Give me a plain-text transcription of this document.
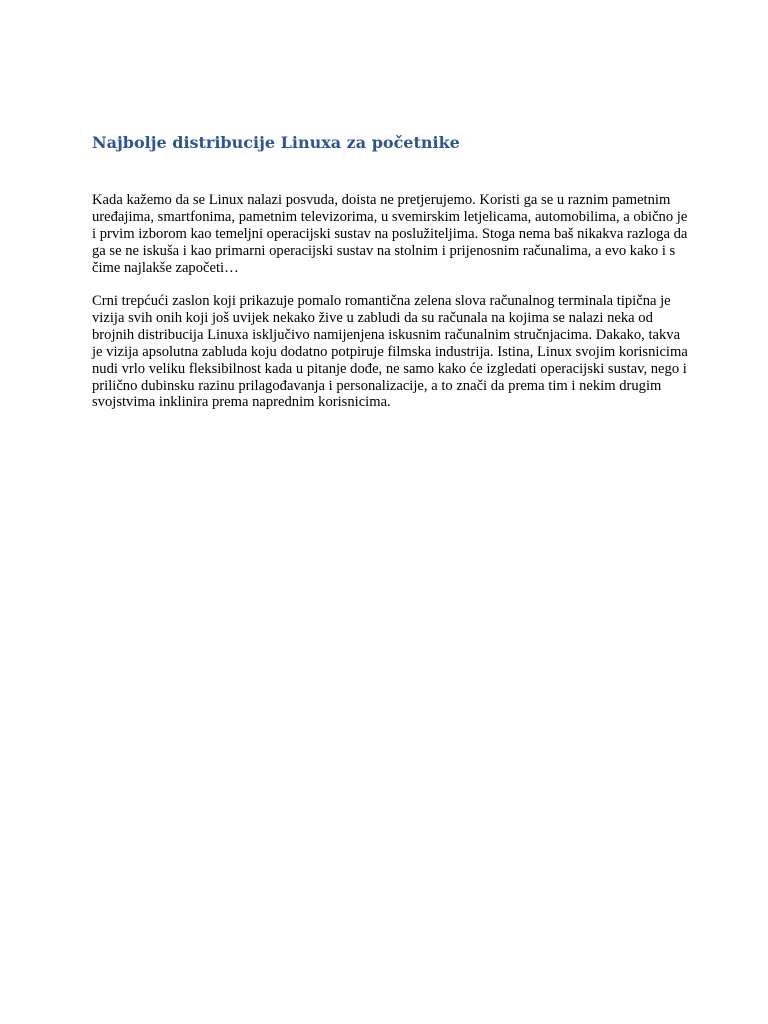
Najbolje distribucije Linuxa za početnike

Kada kažemo da se Linux nalazi posvuda, doista ne pretjerujemo. Koristi ga se u raznim pametnim uređajima, smartfonima, pametnim televizorima, u svemirskim letjelicama, automobilima, a obično je i prvim izborom kao temeljni operacijski sustav na poslužiteljima. Stoga nema baš nikakva razloga da ga se ne iskuša i kao primarni operacijski sustav na stolnim i prijenosnim računalima, a evo kako i s čime najlakše započeti…

Crni trepćući zaslon koji prikazuje pomalo romantična zelena slova računalnog terminala tipična je vizija svih onih koji još uvijek nekako žive u zabludi da su računala na kojima se nalazi neka od brojnih distribucija Linuxa isključivo namijenjena iskusnim računalnim stručnjacima. Dakako, takva je vizija apsolutna zabluda koju dodatno potpiruje filmska industrija. Istina, Linux svojim korisnicima nudi vrlo veliku fleksibilnost kada u pitanje dođe, ne samo kako će izgledati operacijski sustav, nego i prilično dubinsku razinu prilagođavanja i personalizacije, a to znači da prema tim i nekim drugim svojstvima inklinira prema naprednim korisnicima.
